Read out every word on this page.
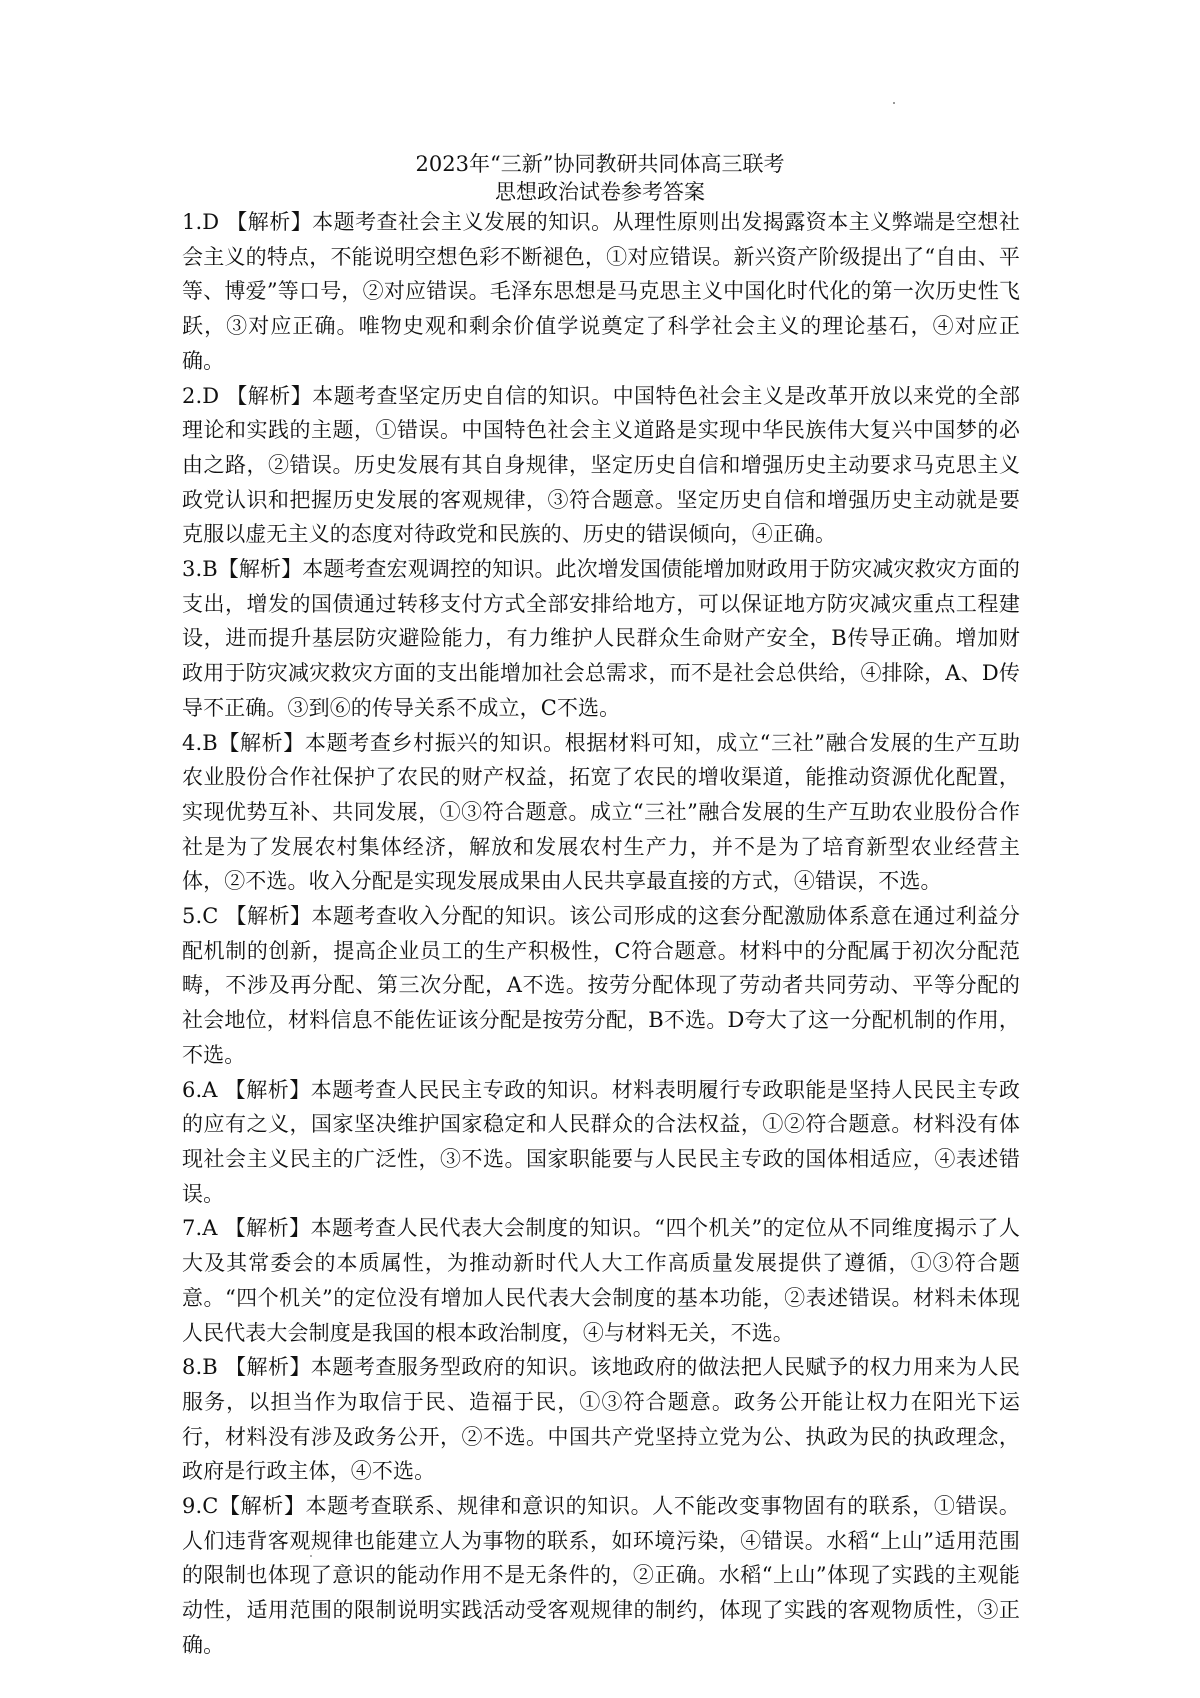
2023年“三新”协同教研共同体高三联考
思想政治试卷参考答案

1.D 【解析】本题考查社会主义发展的知识。从理性原则出发揭露资本主义弊端是空想社会主义的特点，不能说明空想色彩不断褪色，①对应错误。新兴资产阶级提出了“自由、平等、博爱”等口号，②对应错误。毛泽东思想是马克思主义中国化时代化的第一次历史性飞跃，③对应正确。唯物史观和剩余价值学说奠定了科学社会主义的理论基石，④对应正确。

2.D 【解析】本题考查坚定历史自信的知识。中国特色社会主义是改革开放以来党的全部理论和实践的主题，①错误。中国特色社会主义道路是实现中华民族伟大复兴中国梦的必由之路，②错误。历史发展有其自身规律，坚定历史自信和增强历史主动要求马克思主义政党认识和把握历史发展的客观规律，③符合题意。坚定历史自信和增强历史主动就是要克服以虚无主义的态度对待政党和民族的、历史的错误倾向，④正确。

3.B【解析】本题考查宏观调控的知识。此次增发国债能增加财政用于防灾减灾救灾方面的支出，增发的国债通过转移支付方式全部安排给地方，可以保证地方防灾减灾重点工程建设，进而提升基层防灾避险能力，有力维护人民群众生命财产安全，B传导正确。增加财政用于防灾减灾救灾方面的支出能增加社会总需求，而不是社会总供给，④排除，A、D传导不正确。③到⑥的传导关系不成立，C不选。

4.B【解析】本题考查乡村振兴的知识。根据材料可知，成立“三社”融合发展的生产互助农业股份合作社保护了农民的财产权益，拓宽了农民的增收渠道，能推动资源优化配置，实现优势互补、共同发展，①③符合题意。成立“三社”融合发展的生产互助农业股份合作社是为了发展农村集体经济，解放和发展农村生产力，并不是为了培育新型农业经营主体，②不选。收入分配是实现发展成果由人民共享最直接的方式，④错误，不选。

5.C 【解析】本题考查收入分配的知识。该公司形成的这套分配激励体系意在通过利益分配机制的创新，提高企业员工的生产积极性，C符合题意。材料中的分配属于初次分配范畴，不涉及再分配、第三次分配，A不选。按劳分配体现了劳动者共同劳动、平等分配的社会地位，材料信息不能佐证该分配是按劳分配，B不选。D夸大了这一分配机制的作用，不选。

6.A 【解析】本题考查人民民主专政的知识。材料表明履行专政职能是坚持人民民主专政的应有之义，国家坚决维护国家稳定和人民群众的合法权益，①②符合题意。材料没有体现社会主义民主的广泛性，③不选。国家职能要与人民民主专政的国体相适应，④表述错误。

7.A 【解析】本题考查人民代表大会制度的知识。“四个机关”的定位从不同维度揭示了人大及其常委会的本质属性，为推动新时代人大工作高质量发展提供了遵循，①③符合题意。“四个机关”的定位没有增加人民代表大会制度的基本功能，②表述错误。材料未体现人民代表大会制度是我国的根本政治制度，④与材料无关，不选。

8.B 【解析】本题考查服务型政府的知识。该地政府的做法把人民赋予的权力用来为人民服务，以担当作为取信于民、造福于民，①③符合题意。政务公开能让权力在阳光下运行，材料没有涉及政务公开，②不选。中国共产党坚持立党为公、执政为民的执政理念，政府是行政主体，④不选。

9.C【解析】本题考查联系、规律和意识的知识。人不能改变事物固有的联系，①错误。人们违背客观规律也能建立人为事物的联系，如环境污染，④错误。水稻“上山”适用范围的限制也体现了意识的能动作用不是无条件的，②正确。水稻“上山”体现了实践的主观能动性，适用范围的限制说明实践活动受客观规律的制约，体现了实践的客观物质性，③正确。
